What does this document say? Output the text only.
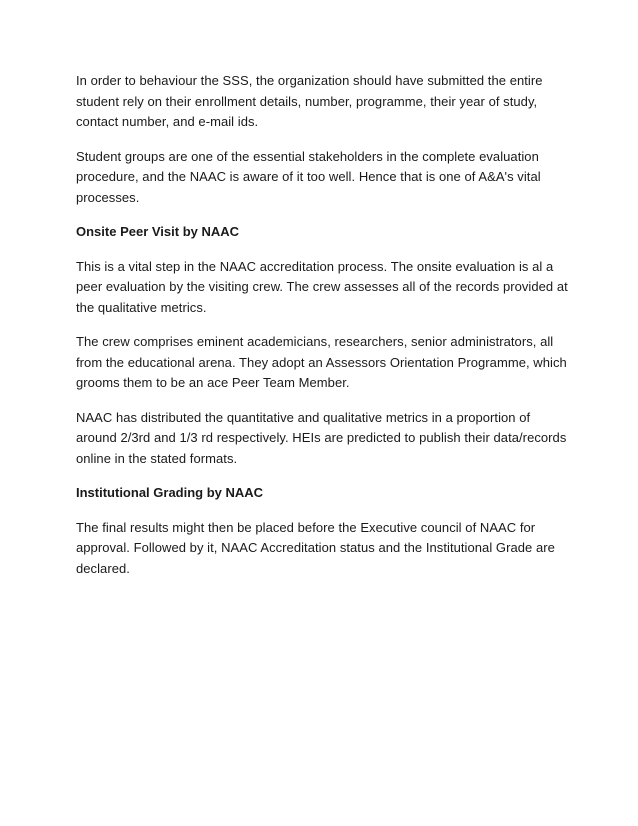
In order to behaviour the SSS, the organization should have submitted the entire student rely on their enrollment details, number, programme, their year of study, contact number, and e-mail ids.

Student groups are one of the essential stakeholders in the complete evaluation procedure, and the NAAC is aware of it too well. Hence that is one of A&A's vital processes.

Onsite Peer Visit by NAAC

This is a vital step in the NAAC accreditation process. The onsite evaluation is al a peer evaluation by the visiting crew. The crew assesses all of the records provided at the qualitative metrics.

The crew comprises eminent academicians, researchers, senior administrators, all from the educational arena. They adopt an Assessors Orientation Programme, which grooms them to be an ace Peer Team Member.

NAAC has distributed the quantitative and qualitative metrics in a proportion of around 2/3rd and 1/3 rd respectively. HEIs are predicted to publish their data/records online in the stated formats.

Institutional Grading by NAAC

The final results might then be placed before the Executive council of NAAC for approval. Followed by it, NAAC Accreditation status and the Institutional Grade are declared.
